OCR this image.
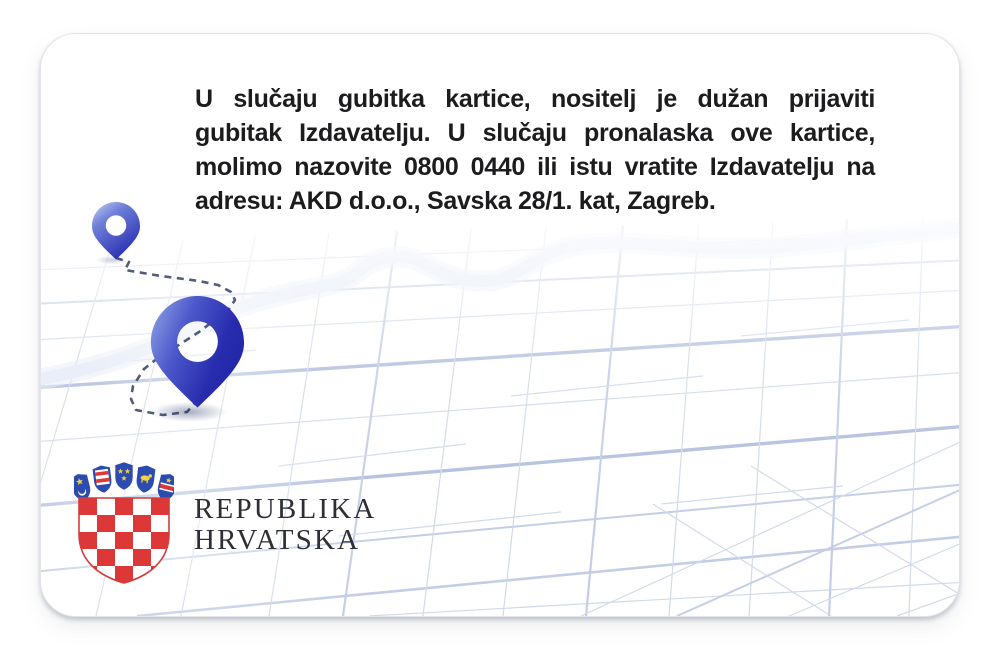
U slučaju gubitka kartice, nositelj je dužan prijaviti
gubitak Izdavatelju. U slučaju pronalaska ove kartice,
molimo nazovite 0800 0440 ili istu vratite Izdavatelju na
adresu: AKD d.o.o., Savska 28/1. kat, Zagreb.
REPUBLIKA
HRVATSKA
